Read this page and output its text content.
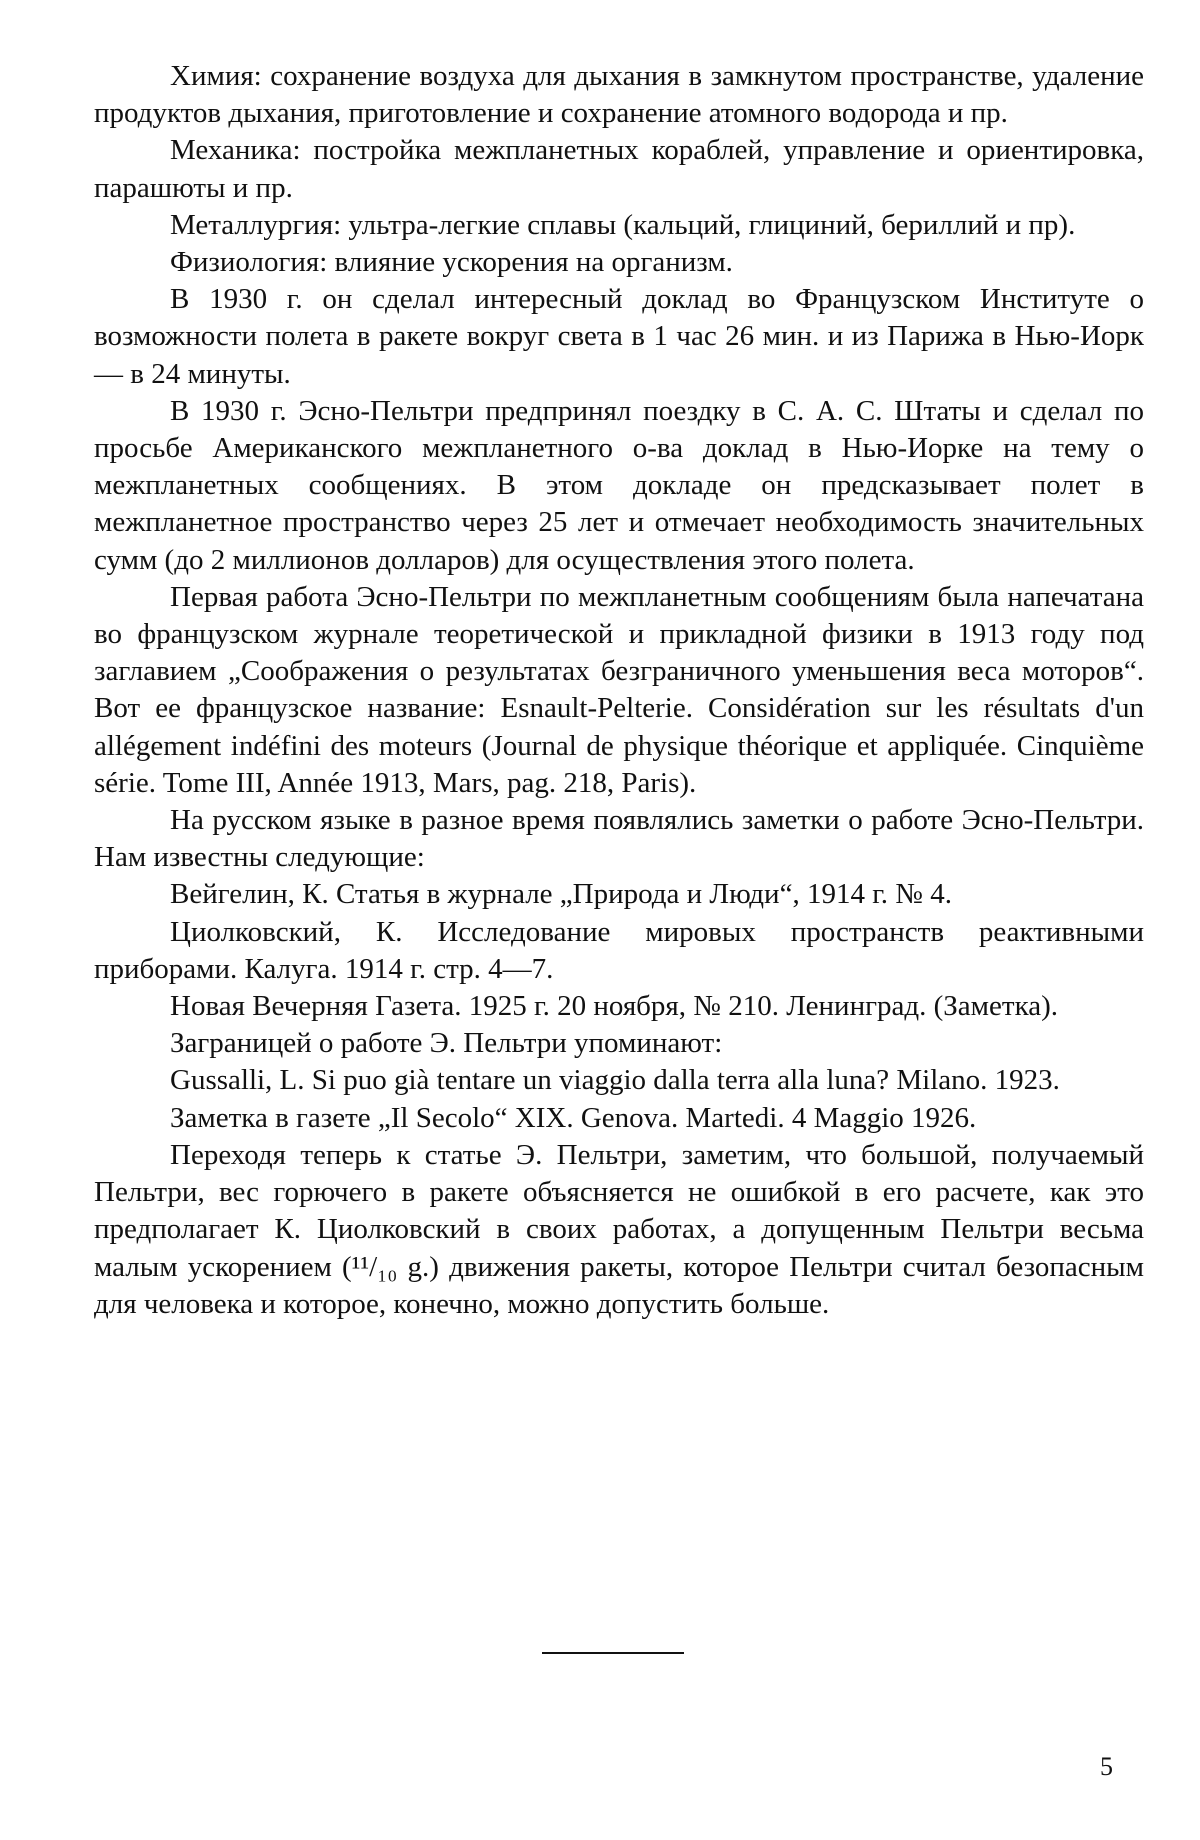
Химия: сохранение воздуха для дыхания в замкнутом пространстве, удаление продуктов дыхания, приготовление и сохранение атомного водорода и пр.

Механика: постройка межпланетных кораблей, управление и ориентировка, парашюты и пр.

Металлургия: ультра-легкие сплавы (кальций, глициний, бериллий и пр).

Физиология: влияние ускорения на организм.

В 1930 г. он сделал интересный доклад во Французском Институте о возможности полета в ракете вокруг света в 1 час 26 мин. и из Парижа в Нью-Иорк — в 24 минуты.

В 1930 г. Эсно-Пельтри предпринял поездку в С. А. С. Штаты и сделал по просьбе Американского межпланетного о-ва доклад в Нью-Иорке на тему о межпланетных сообщениях. В этом докладе он предсказывает полет в межпланетное пространство через 25 лет и отмечает необходимость значительных сумм (до 2 миллионов долларов) для осуществления этого полета.

Первая работа Эсно-Пельтри по межпланетным сообщениям была напечатана во французском журнале теоретической и прикладной физики в 1913 году под заглавием „Соображения о результатах безграничного уменьшения веса моторов“. Вот ее французское название: Esnault-Pelterie. Considération sur les résultats d'un allégement indéfini des moteurs (Journal de physique théorique et appliquée. Cinquième série. Tome III, Année 1913, Mars, pag. 218, Paris).

На русском языке в разное время появлялись заметки о работе Эсно-Пельтри. Нам известны следующие:

Вейгелин, К. Статья в журнале „Природа и Люди“, 1914 г. № 4.

Циолковский, К. Исследование мировых пространств реактивными приборами. Калуга. 1914 г. стр. 4—7.

Новая Вечерняя Газета. 1925 г. 20 ноября, № 210. Ленинград. (Заметка).

Заграницей о работе Э. Пельтри упоминают:

Gussalli, L. Si puo già tentare un viaggio dalla terra alla luna? Milano. 1923.

Заметка в газете „Il Secolo“ XIX. Genova. Martedi. 4 Maggio 1926.

Переходя теперь к статье Э. Пельтри, заметим, что большой, получаемый Пельтри, вес горючего в ракете объясняется не ошибкой в его расчете, как это предполагает К. Циолковский в своих работах, а допущенным Пельтри весьма малым ускорением (¹¹/₁₀ g.) движения ракеты, которое Пельтри считал безопасным для человека и которое, конечно, можно допустить больше.

5
